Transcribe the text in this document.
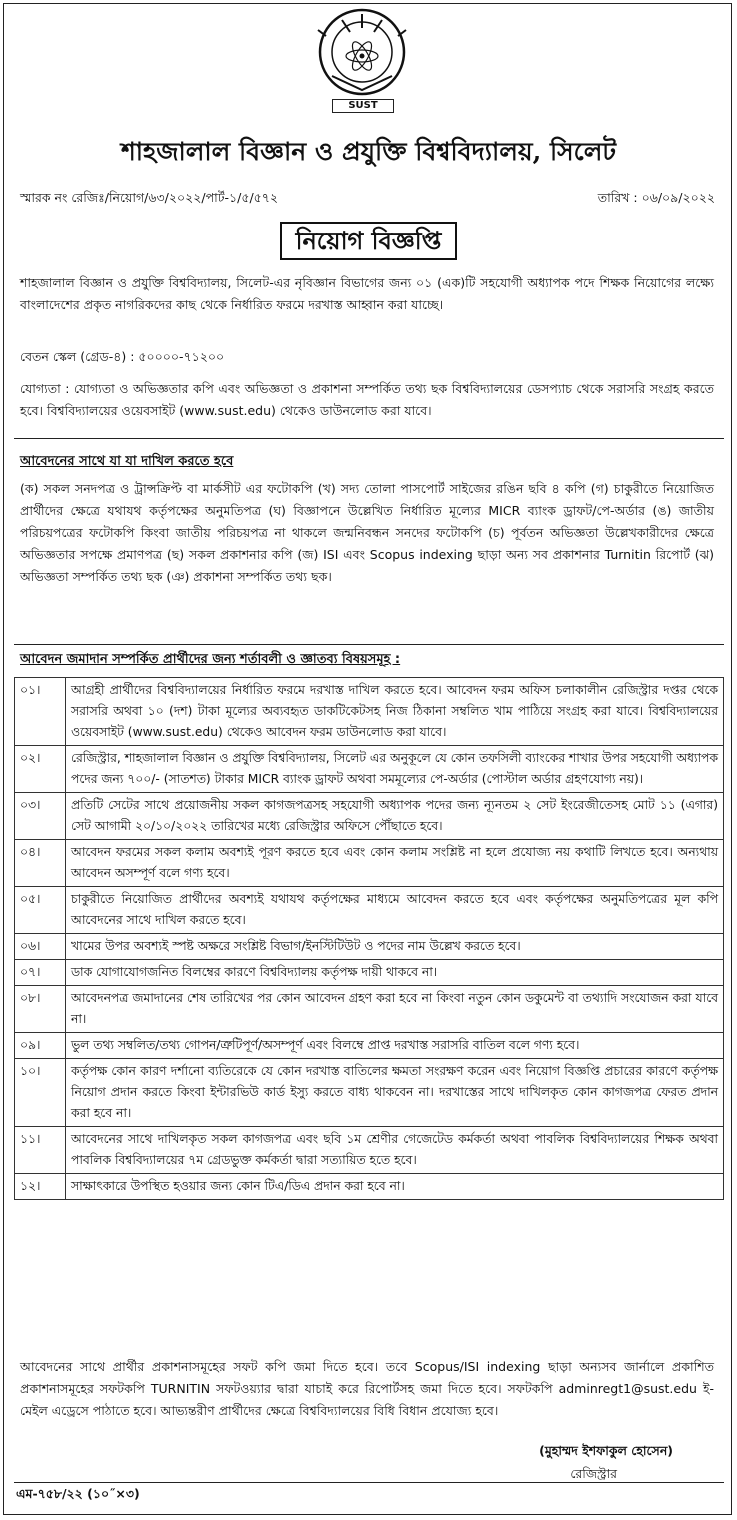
SUST
শাহজালাল বিজ্ঞান ও প্রযুক্তি বিশ্ববিদ্যালয়, সিলেট
স্মারক নং রেজিঃ/নিয়োগ/৬৩/২০২২/পার্ট-১/৫/৫৭২	তারিখ : ০৬/০৯/২০২২
নিয়োগ বিজ্ঞপ্তি
শাহজালাল বিজ্ঞান ও প্রযুক্তি বিশ্ববিদ্যালয়, সিলেট-এর নৃবিজ্ঞান বিভাগের জন্য ০১ (এক)টি সহযোগী অধ্যাপক পদে শিক্ষক নিয়োগের লক্ষ্যে বাংলাদেশের প্রকৃত নাগরিকদের কাছ থেকে নির্ধারিত ফরমে দরখাস্ত আহ্বান করা যাচ্ছে।
বেতন স্কেল (গ্রেড-৪) : ৫০০০০-৭১২০০
যোগ্যতা : যোগ্যতা ও অভিজ্ঞতার কপি এবং অভিজ্ঞতা ও প্রকাশনা সম্পর্কিত তথ্য ছক বিশ্ববিদ্যালয়ের ডেসপ্যাচ থেকে সরাসরি সংগ্রহ করতে হবে। বিশ্ববিদ্যালয়ের ওয়েবসাইট (www.sust.edu) থেকেও ডাউনলোড করা যাবে।
আবেদনের সাথে যা যা দাখিল করতে হবে
(ক) সকল সনদপত্র ও ট্রান্সক্রিপ্ট বা মার্কসীট এর ফটোকপি (খ) সদ্য তোলা পাসপোর্ট সাইজের রঙিন ছবি ৪ কপি (গ) চাকুরীতে নিয়োজিত প্রার্থীদের ক্ষেত্রে যথাযথ কর্তৃপক্ষের অনুমতিপত্র (ঘ) বিজ্ঞাপনে উল্লেখিত নির্ধারিত মূল্যের MICR ব্যাংক ড্রাফট/পে-অর্ডার (ঙ) জাতীয় পরিচয়পত্রের ফটোকপি কিংবা জাতীয় পরিচয়পত্র না থাকলে জন্মনিবন্ধন সনদের ফটোকপি (চ) পূর্বতন অভিজ্ঞতা উল্লেখকারীদের ক্ষেত্রে অভিজ্ঞতার সপক্ষে প্রমাণপত্র (ছ) সকল প্রকাশনার কপি (জ) ISI এবং Scopus indexing ছাড়া অন্য সব প্রকাশনার Turnitin রিপোর্ট (ঝ) অভিজ্ঞতা সম্পর্কিত তথ্য ছক (ঞ) প্রকাশনা সম্পর্কিত তথ্য ছক।
আবেদন জমাদান সম্পর্কিত প্রার্থীদের জন্য শর্তাবলী ও জ্ঞাতব্য বিষয়সমূহ :
০১।	আগ্রহী প্রার্থীদের বিশ্ববিদ্যালয়ের নির্ধারিত ফরমে দরখাস্ত দাখিল করতে হবে। আবেদন ফরম অফিস চলাকালীন রেজিস্ট্রার দপ্তর থেকে সরাসরি অথবা ১০ (দশ) টাকা মূল্যের অব্যবহৃত ডাকটিকেটসহ নিজ ঠিকানা সম্বলিত খাম পাঠিয়ে সংগ্রহ করা যাবে। বিশ্ববিদ্যালয়ের ওয়েবসাইট (www.sust.edu) থেকেও আবেদন ফরম ডাউনলোড করা যাবে।
০২।	রেজিস্ট্রার, শাহজালাল বিজ্ঞান ও প্রযুক্তি বিশ্ববিদ্যালয়, সিলেট এর অনুকূলে যে কোন তফসিলী ব্যাংকের শাখার উপর সহযোগী অধ্যাপক পদের জন্য ৭০০/- (সাতশত) টাকার MICR ব্যাংক ড্রাফট অথবা সমমূল্যের পে-অর্ডার (পোস্টাল অর্ডার গ্রহণযোগ্য নয়)।
০৩।	প্রতিটি সেটের সাথে প্রয়োজনীয় সকল কাগজপত্রসহ সহযোগী অধ্যাপক পদের জন্য ন্যূনতম ২ সেট ইংরেজীতেসহ মোট ১১ (এগার) সেট আগামী ২০/১০/২০২২ তারিখের মধ্যে রেজিস্ট্রার অফিসে পৌঁছাতে হবে।
০৪।	আবেদন ফরমের সকল কলাম অবশ্যই পূরণ করতে হবে এবং কোন কলাম সংশ্লিষ্ট না হলে প্রযোজ্য নয় কথাটি লিখতে হবে। অন্যথায় আবেদন অসম্পূর্ণ বলে গণ্য হবে।
০৫।	চাকুরীতে নিয়োজিত প্রার্থীদের অবশ্যই যথাযথ কর্তৃপক্ষের মাধ্যমে আবেদন করতে হবে এবং কর্তৃপক্ষের অনুমতিপত্রের মূল কপি আবেদনের সাথে দাখিল করতে হবে।
০৬।	খামের উপর অবশ্যই স্পষ্ট অক্ষরে সংশ্লিষ্ট বিভাগ/ইনস্টিটিউট ও পদের নাম উল্লেখ করতে হবে।
০৭।	ডাক যোগাযোগজনিত বিলম্বের কারণে বিশ্ববিদ্যালয় কর্তৃপক্ষ দায়ী থাকবে না।
০৮।	আবেদনপত্র জমাদানের শেষ তারিখের পর কোন আবেদন গ্রহণ করা হবে না কিংবা নতুন কোন ডকুমেন্ট বা তথ্যাদি সংযোজন করা যাবে না।
০৯।	ভুল তথ্য সম্বলিত/তথ্য গোপন/ত্রুটিপূর্ণ/অসম্পূর্ণ এবং বিলম্বে প্রাপ্ত দরখাস্ত সরাসরি বাতিল বলে গণ্য হবে।
১০।	কর্তৃপক্ষ কোন কারণ দর্শানো ব্যতিরেকে যে কোন দরখাস্ত বাতিলের ক্ষমতা সংরক্ষণ করেন এবং নিয়োগ বিজ্ঞপ্তি প্রচারের কারণে কর্তৃপক্ষ নিয়োগ প্রদান করতে কিংবা ইন্টারভিউ কার্ড ইস্যু করতে বাধ্য থাকবেন না। দরখাস্তের সাথে দাখিলকৃত কোন কাগজপত্র ফেরত প্রদান করা হবে না।
১১।	আবেদনের সাথে দাখিলকৃত সকল কাগজপত্র এবং ছবি ১ম শ্রেণীর গেজেটেড কর্মকর্তা অথবা পাবলিক বিশ্ববিদ্যালয়ের শিক্ষক অথবা পাবলিক বিশ্ববিদ্যালয়ের ৭ম গ্রেডভুক্ত কর্মকর্তা দ্বারা সত্যায়িত হতে হবে।
১২।	সাক্ষাৎকারে উপস্থিত হওয়ার জন্য কোন টিএ/ডিএ প্রদান করা হবে না।
আবেদনের সাথে প্রার্থীর প্রকাশনাসমূহের সফট কপি জমা দিতে হবে। তবে Scopus/ISI indexing ছাড়া অন্যসব জার্নালে প্রকাশিত প্রকাশনাসমূহের সফটকপি TURNITIN সফটওয়্যার দ্বারা যাচাই করে রিপোর্টসহ জমা দিতে হবে। সফটকপি adminregt1@sust.edu ই-মেইল এড্রেসে পাঠাতে হবে। আভ্যন্তরীণ প্রার্থীদের ক্ষেত্রে বিশ্ববিদ্যালয়ের বিধি বিধান প্রযোজ্য হবে।
(মুহাম্মদ ইশফাকুল হোসেন)
রেজিস্ট্রার
এম-৭৫৮/২২ (১০˝×৩)
